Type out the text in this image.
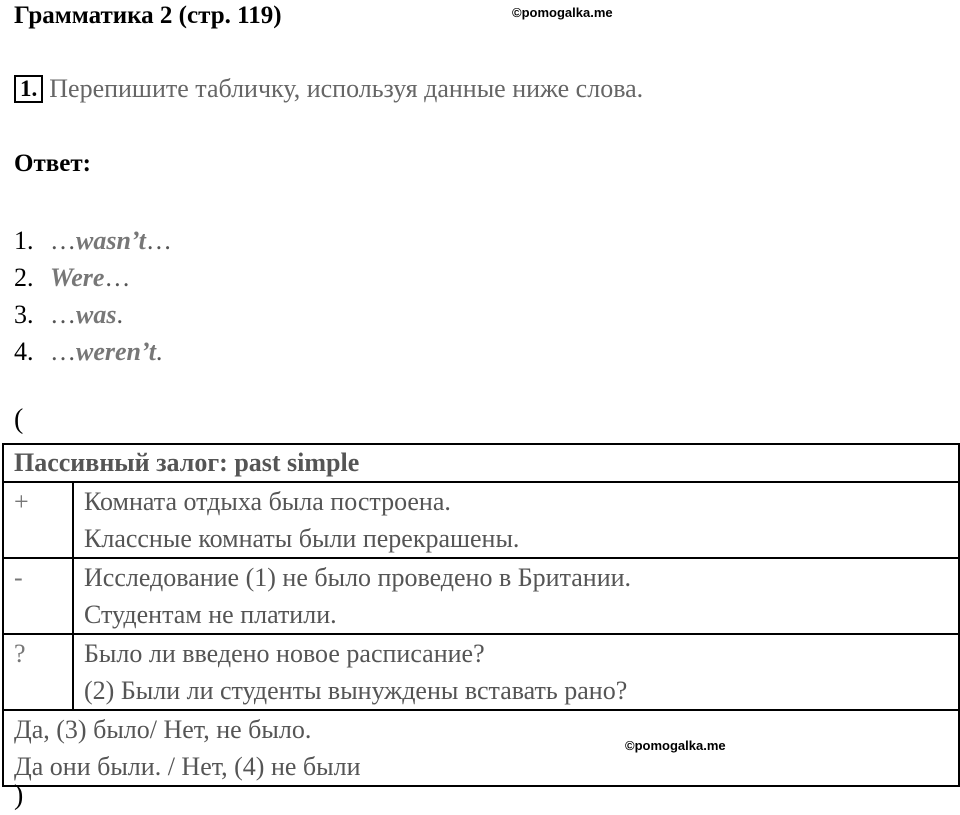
Грамматика 2 (стр. 119)	©pomogalka.me
1. Перепишите табличку, используя данные ниже слова.
Ответ:
1. …wasn’t…
2. Were…
3. …was.
4. …weren’t.
(
Пассивный залог: past simple	
+	Комната отдыха была построена.
Классные комнаты были перекрашены.

-	Исследование (1) не было проведено в Британии.
Студентам не платили.

?	Было ли введено новое расписание?
(2) Были ли студенты вынуждены вставать рано?

Да, (3) было/ Нет, не было.
Да они были. / Нет, (4) не были	
©pomogalka.me
)
